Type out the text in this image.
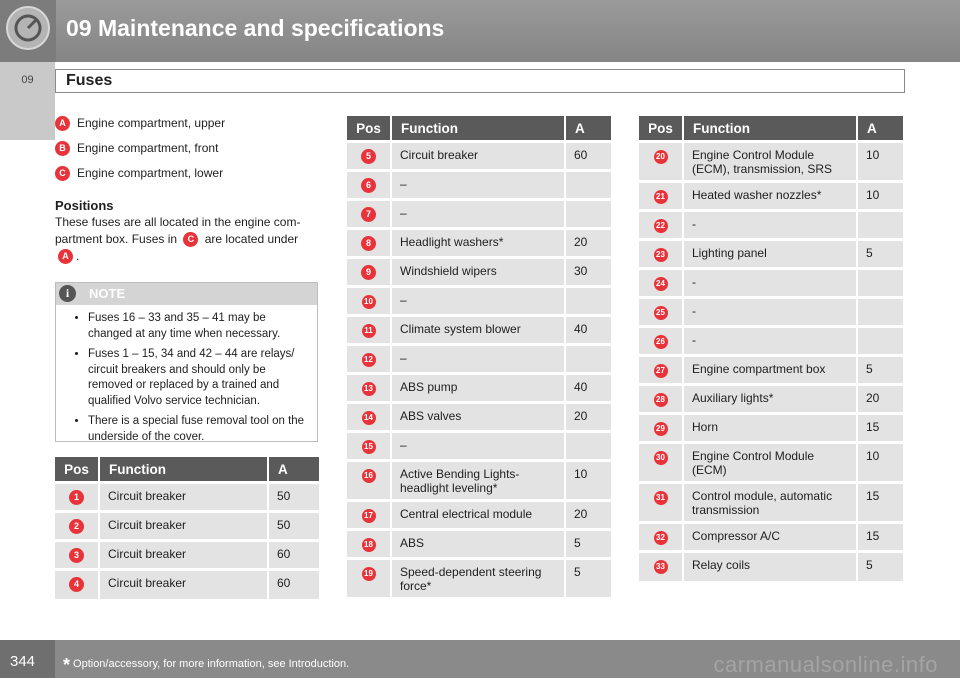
09 Maintenance and specifications
09	Fuses
A Engine compartment, upper
B Engine compartment, front
C Engine compartment, lower
Positions
These fuses are all located in the engine com-partment box. Fuses in C are located under
A .
i	NOTE
• Fuses 16 – 33 and 35 – 41 may be changed at any time when necessary.
• Fuses 1 – 15, 34 and 42 – 44 are relays/ circuit breakers and should only be removed or replaced by a trained and qualified Volvo service technician.
• There is a special fuse removal tool on the underside of the cover.
Pos	Function	A
1	Circuit breaker	50
2	Circuit breaker	50
3	Circuit breaker	60
4	Circuit breaker	60
Pos	Function	A
5	Circuit breaker	60
6	–	
7	–	
8	Headlight washers*	20
9	Windshield wipers	30
10	–	
11	Climate system blower	40
12	–	
13	ABS pump	40
14	ABS valves	20
15	–	
16	Active Bending Lights-headlight leveling*	10
17	Central electrical module	20
18	ABS	5
19	Speed-dependent steering force*	5
Pos	Function	A
20	Engine Control Module (ECM), transmission, SRS	10
21	Heated washer nozzles*	10
22	-	
23	Lighting panel	5
24	-	
25	-	
26	-	
27	Engine compartment box	5
28	Auxiliary lights*	20
29	Horn	15
30	Engine Control Module (ECM)	10
31	Control module, automatic transmission	15
32	Compressor A/C	15
33	Relay coils	5
344 * Option/accessory, for more information, see Introduction.	carmanualsonline.info
